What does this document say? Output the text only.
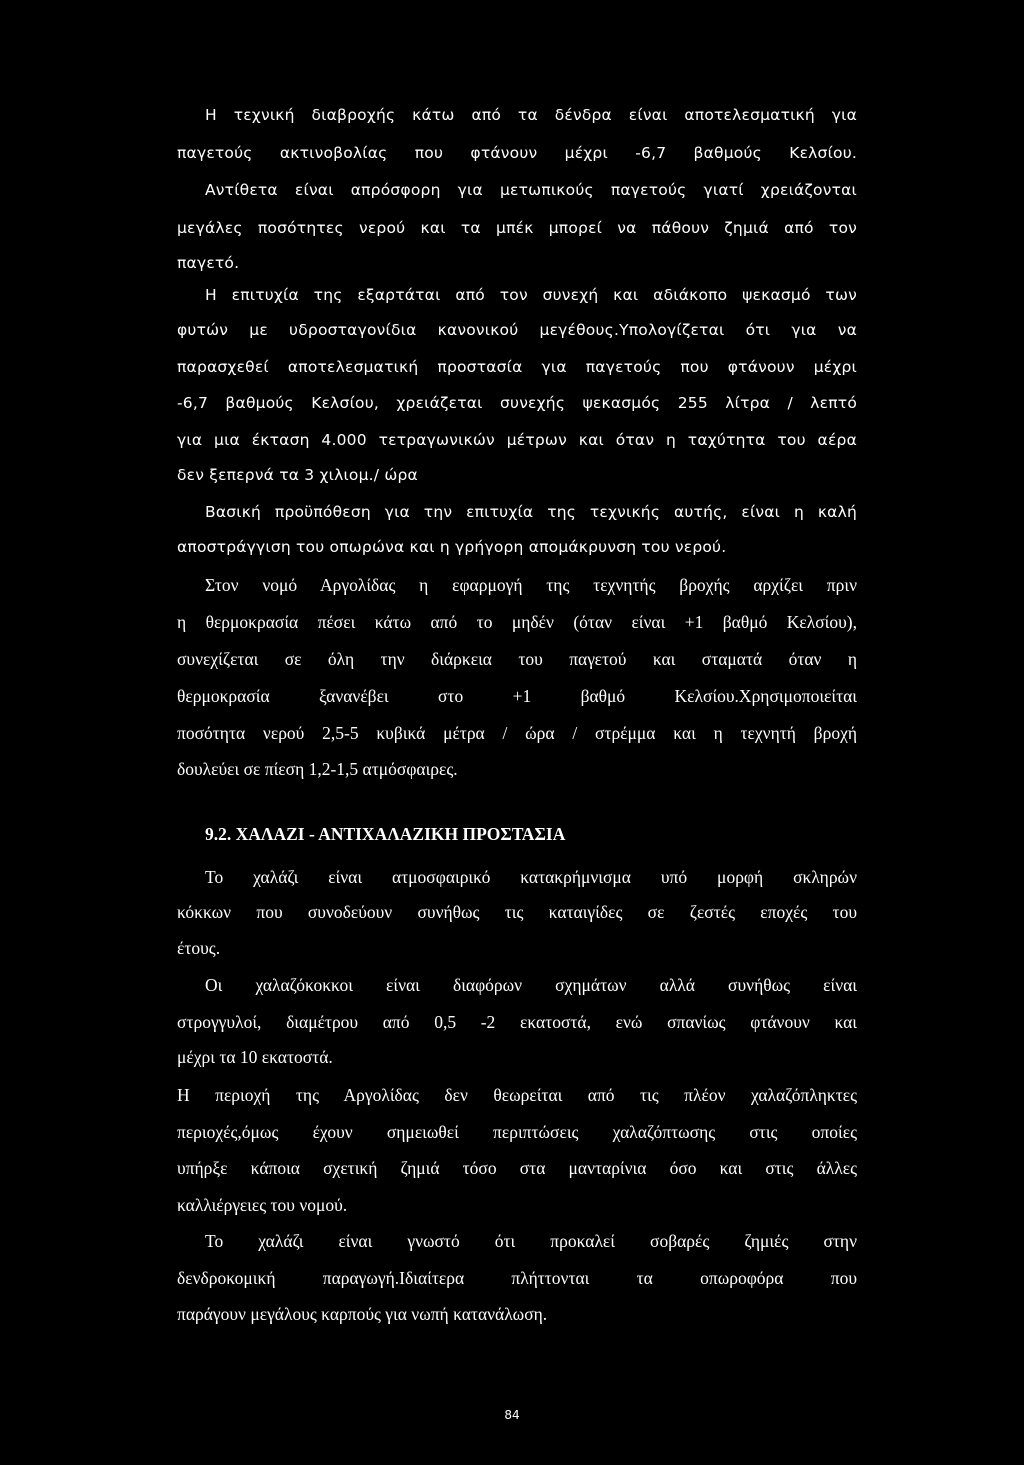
Η τεχνική διαβροχής κάτω από τα δένδρα είναι αποτελεσματική για
παγετούς ακτινοβολίας που φτάνουν μέχρι -6,7 βαθμούς Κελσίου.
Αντίθετα είναι απρόσφορη για μετωπικούς παγετούς γιατί χρειάζονται
μεγάλες ποσότητες νερού και τα μπέκ μπορεί να πάθουν ζημιά από τον
παγετό.
Η επιτυχία της εξαρτάται από τον συνεχή και αδιάκοπο ψεκασμό των
φυτών με υδροσταγονίδια κανονικού μεγέθους.Υπολογίζεται ότι για να
παρασχεθεί αποτελεσματική προστασία για παγετούς που φτάνουν μέχρι
-6,7 βαθμούς Κελσίου, χρειάζεται συνεχής ψεκασμός 255 λίτρα / λεπτό
για μια έκταση 4.000 τετραγωνικών μέτρων και όταν η ταχύτητα του αέρα
δεν ξεπερνά τα 3 χιλιομ./ ώρα
Βασική προϋπόθεση για την επιτυχία της τεχνικής αυτής, είναι η καλή
αποστράγγιση του οπωρώνα και η γρήγορη απομάκρυνση του νερού.
Στον νομό Αργολίδας η εφαρμογή της τεχνητής βροχής αρχίζει πριν
η θερμοκρασία πέσει κάτω από το μηδέν (όταν είναι +1 βαθμό Κελσίου),
συνεχίζεται σε όλη την διάρκεια του παγετού και σταματά όταν η
θερμοκρασία ξανανέβει στο +1 βαθμό Κελσίου.Χρησιμοποιείται
ποσότητα νερού 2,5-5 κυβικά μέτρα / ώρα / στρέμμα και η τεχνητή βροχή
δουλεύει σε πίεση 1,2-1,5 ατμόσφαιρες.
9.2. ΧΑΛΑΖΙ - ΑΝΤΙΧΑΛΑΖΙΚΗ ΠΡΟΣΤΑΣΙΑ
Το χαλάζι είναι ατμοσφαιρικό κατακρήμνισμα υπό μορφή σκληρών
κόκκων που συνοδεύουν συνήθως τις καταιγίδες σε ζεστές εποχές του
έτους.
Οι χαλαζόκοκκοι είναι διαφόρων σχημάτων αλλά συνήθως είναι
στρογγυλοί, διαμέτρου από 0,5 -2 εκατοστά, ενώ σπανίως φτάνουν και
μέχρι τα 10 εκατοστά.
Η περιοχή της Αργολίδας δεν θεωρείται από τις πλέον χαλαζόπληκτες
περιοχές,όμως έχουν σημειωθεί περιπτώσεις χαλαζόπτωσης στις οποίες
υπήρξε κάποια σχετική ζημιά τόσο στα μανταρίνια όσο και στις άλλες
καλλιέργειες του νομού.
Το χαλάζι είναι γνωστό ότι προκαλεί σοβαρές ζημιές στην
δενδροκομική παραγωγή.Ιδιαίτερα πλήττονται τα οπωροφόρα που
παράγουν μεγάλους καρπούς για νωπή κατανάλωση.
84
